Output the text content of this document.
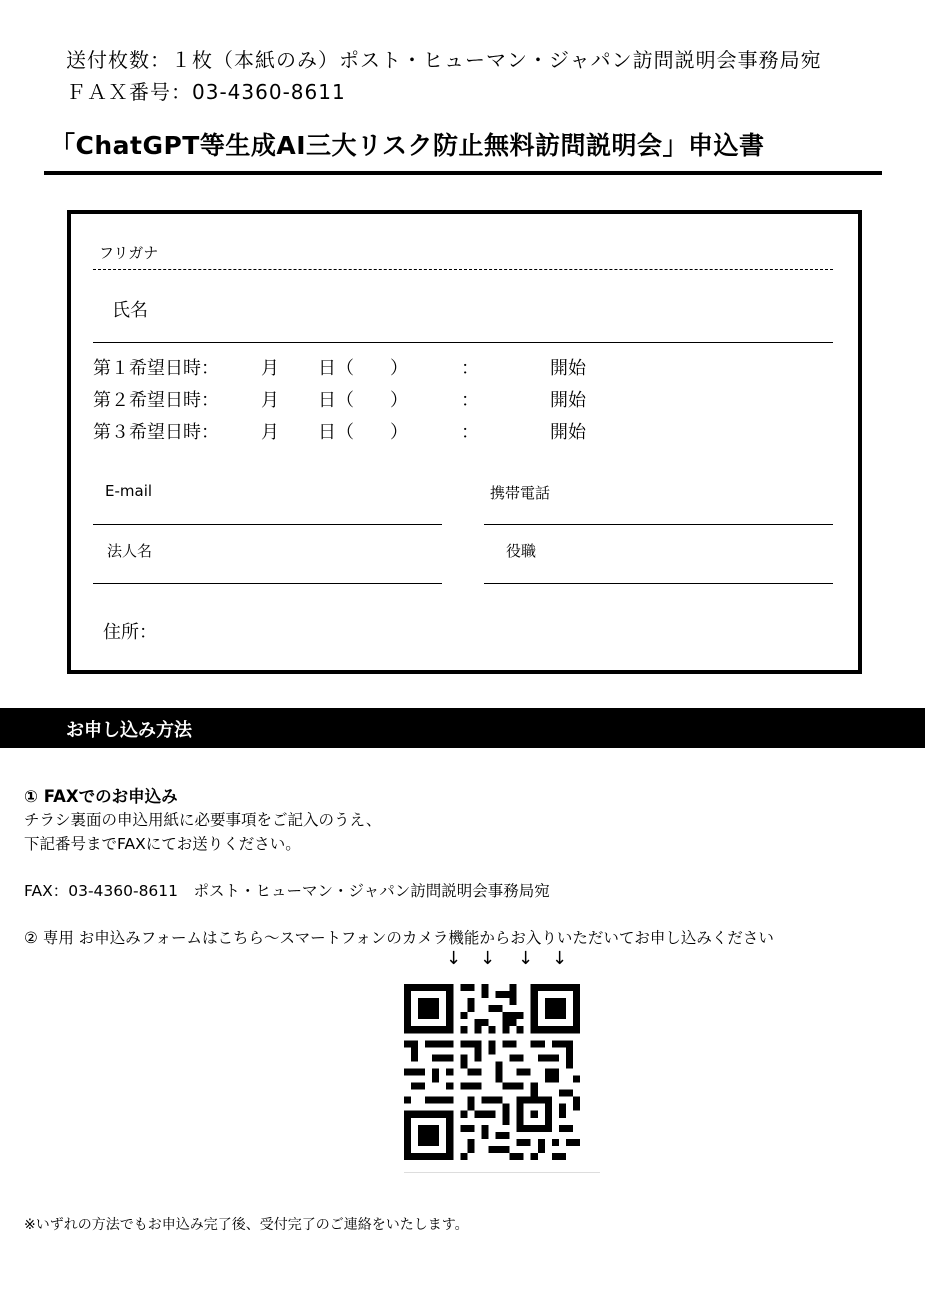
送付枚数：１枚（本紙のみ）ポスト・ヒューマン・ジャパン訪問説明会事務局宛
ＦＡＸ番号：03-4360-8611
「ChatGPT等生成AI三大リスク防止無料訪問説明会」申込書
フリガナ
氏名
第１希望日時： 月 日（ ）	：	開始
第２希望日時： 月 日（ ）	：	開始
第３希望日時： 月 日（ ）	：	開始
E-mail	携帯電話
法人名	役職
住所：
お申し込み方法
① FAXでのお申込み
チラシ裏面の申込用紙に必要事項をご記入のうえ、
下記番号までFAXにてお送りください。
FAX：03-4360-8611　ポスト・ヒューマン・ジャパン訪問説明会事務局宛
② 専用 お申込みフォームはこちら～スマートフォンのカメラ機能からお入りいただいてお申し込みください
↓ ↓ ↓ ↓
※いずれの方法でもお申込み完了後、受付完了のご連絡をいたします。
